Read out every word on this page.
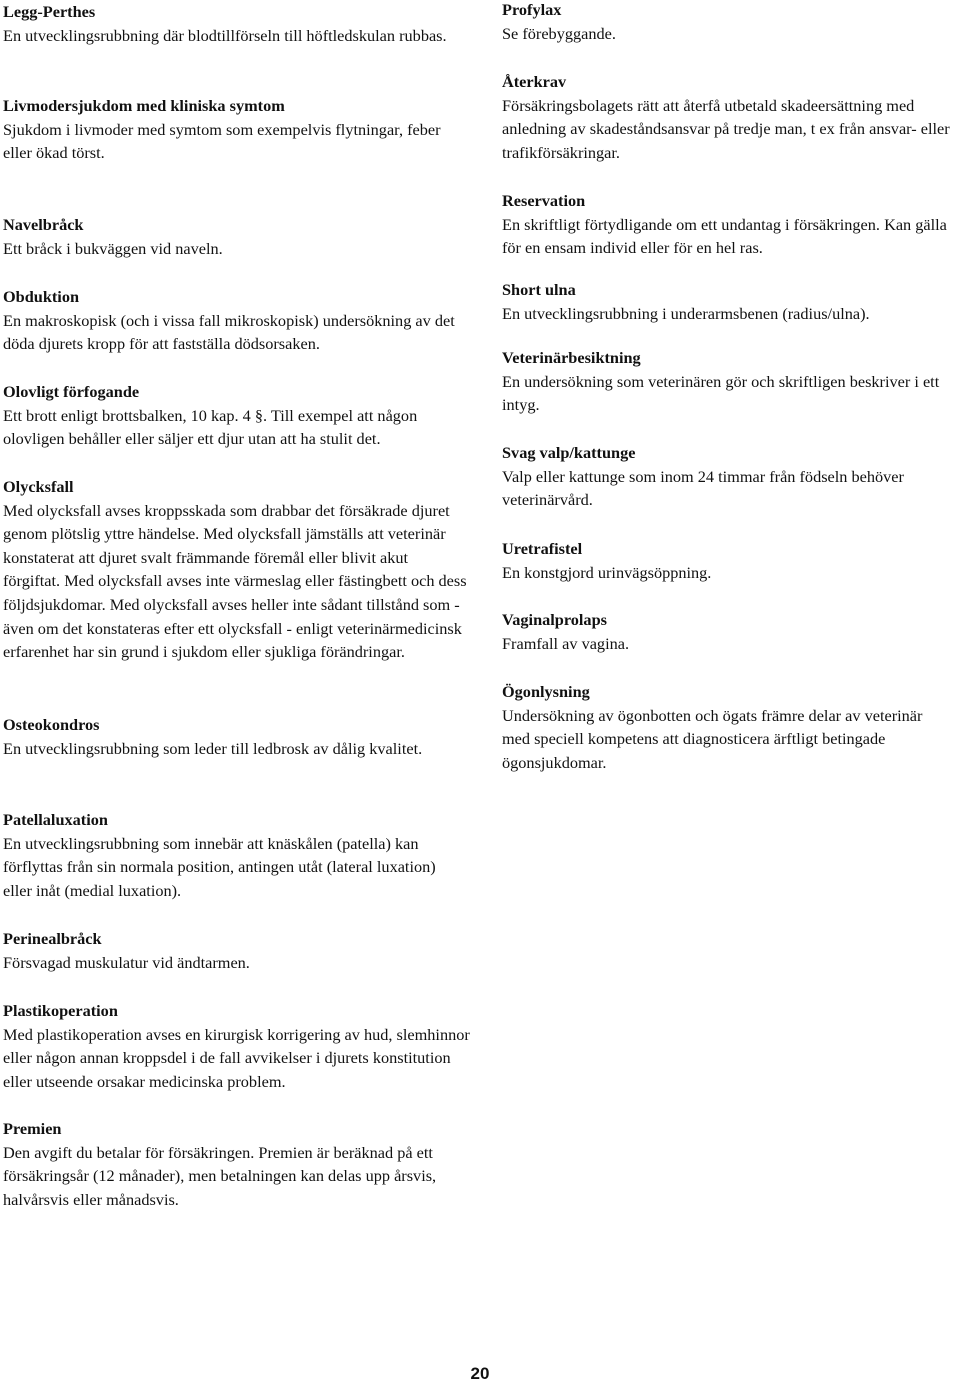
Legg-Perthes

En utvecklingsrubbning där blodtillförseln till höftledskulan rubbas.

Livmodersjukdom med kliniska symtom

Sjukdom i livmoder med symtom som exempelvis flytningar, feber eller ökad törst.

Navelbråck

Ett bråck i bukväggen vid naveln.

Obduktion

En makroskopisk (och i vissa fall mikroskopisk) undersökning av det döda djurets kropp för att fastställa dödsorsaken.

Olovligt förfogande

Ett brott enligt brottsbalken, 10 kap. 4 §. Till exempel att någon olovligen behåller eller säljer ett djur utan att ha stulit det.

Olycksfall

Med olycksfall avses kroppsskada som drabbar det försäkrade djuret genom plötslig yttre händelse. Med olycksfall jämställs att veterinär konstaterat att djuret svalt främmande föremål eller blivit akut förgiftat. Med olycksfall avses inte värmeslag eller fästingbett och dess följdsjukdomar. Med olycksfall avses heller inte sådant tillstånd som - även om det konstateras efter ett olycksfall - enligt veterinärmedicinsk erfarenhet har sin grund i sjukdom eller sjukliga förändringar.

Osteokondros

En utvecklingsrubbning som leder till ledbrosk av dålig kvalitet.

Patellaluxation

En utvecklingsrubbning som innebär att knäskålen (patella) kan förflyttas från sin normala position, antingen utåt (lateral luxation) eller inåt (medial luxation).

Perinealbråck

Försvagad muskulatur vid ändtarmen.

Plastikoperation

Med plastikoperation avses en kirurgisk korrigering av hud, slemhinnor eller någon annan kroppsdel i de fall avvikelser i djurets konstitution eller utseende orsakar medicinska problem.

Premien

Den avgift du betalar för försäkringen. Premien är beräknad på ett försäkringsår (12 månader), men betalningen kan delas upp årsvis, halvårsvis eller månadsvis.

Profylax

Se förebyggande.

Återkrav

Försäkringsbolagets rätt att återfå utbetald skadeersättning med anledning av skadeståndsansvar på tredje man, t ex från ansvar- eller trafikförsäkringar.

Reservation

En skriftligt förtydligande om ett undantag i försäkringen. Kan gälla för en ensam individ eller för en hel ras.

Short ulna

En utvecklingsrubbning i underarmsbenen (radius/ulna).

Veterinärbesiktning

En undersökning som veterinären gör och skriftligen beskriver i ett intyg.

Svag valp/kattunge

Valp eller kattunge som inom 24 timmar från födseln behöver veterinärvård.

Uretrafistel

En konstgjord urinvägsöppning.

Vaginalprolaps

Framfall av vagina.

Ögonlysning

Undersökning av ögonbotten och ögats främre delar av veterinär med speciell kompetens att diagnosticera ärftligt betingade ögonsjukdomar.

20
